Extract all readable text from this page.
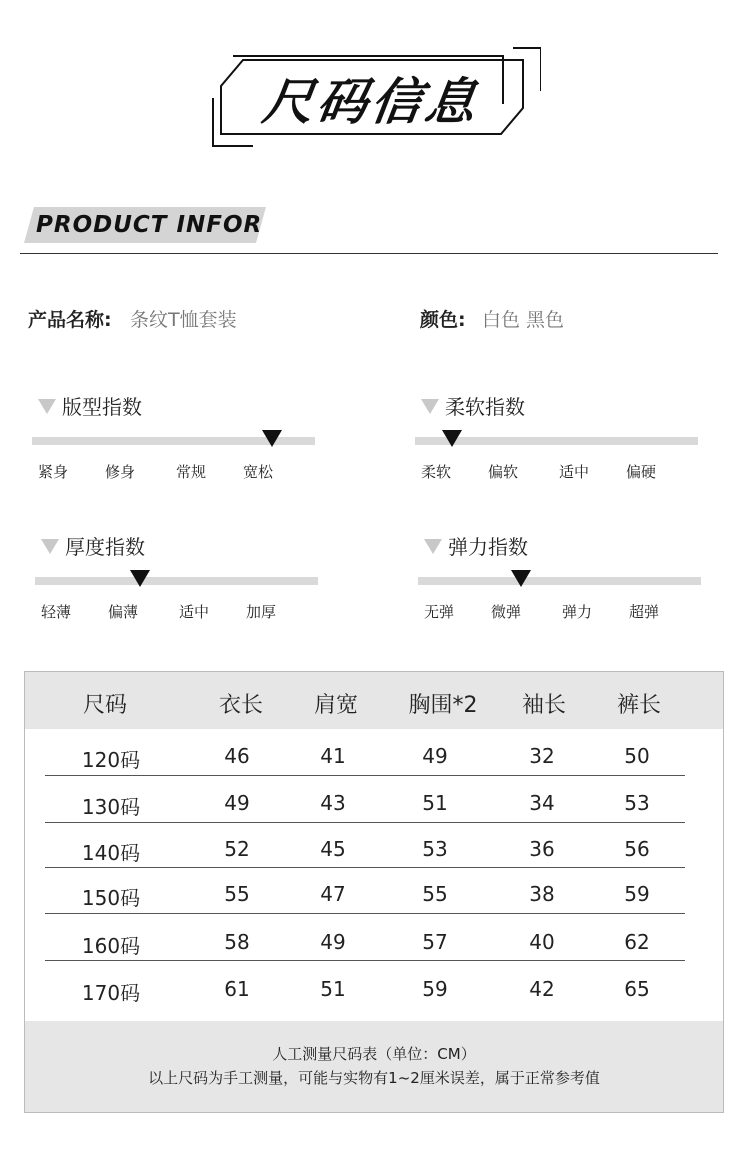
尺码信息
PRODUCT INFOR
产品名称: 条纹T恤套装	颜色: 白色 黑色
版型指数
紧身	修身	常规	宽松
柔软指数
柔软	偏软	适中	偏硬
厚度指数
轻薄	偏薄	适中	加厚
弹力指数
无弹	微弹	弹力	超弹
尺码	衣长 肩宽 胸围*2 袖长 裤长
120码	46	41	49	32	50
130码	49	43	51	34	53
140码	52	45	53	36	56
150码	55	47	55	38	59
160码	58	49	57	40	62
170码	61	51	59	42	65
人工测量尺码表（单位：CM）
以上尺码为手工测量，可能与实物有1~2厘米误差，属于正常参考值
